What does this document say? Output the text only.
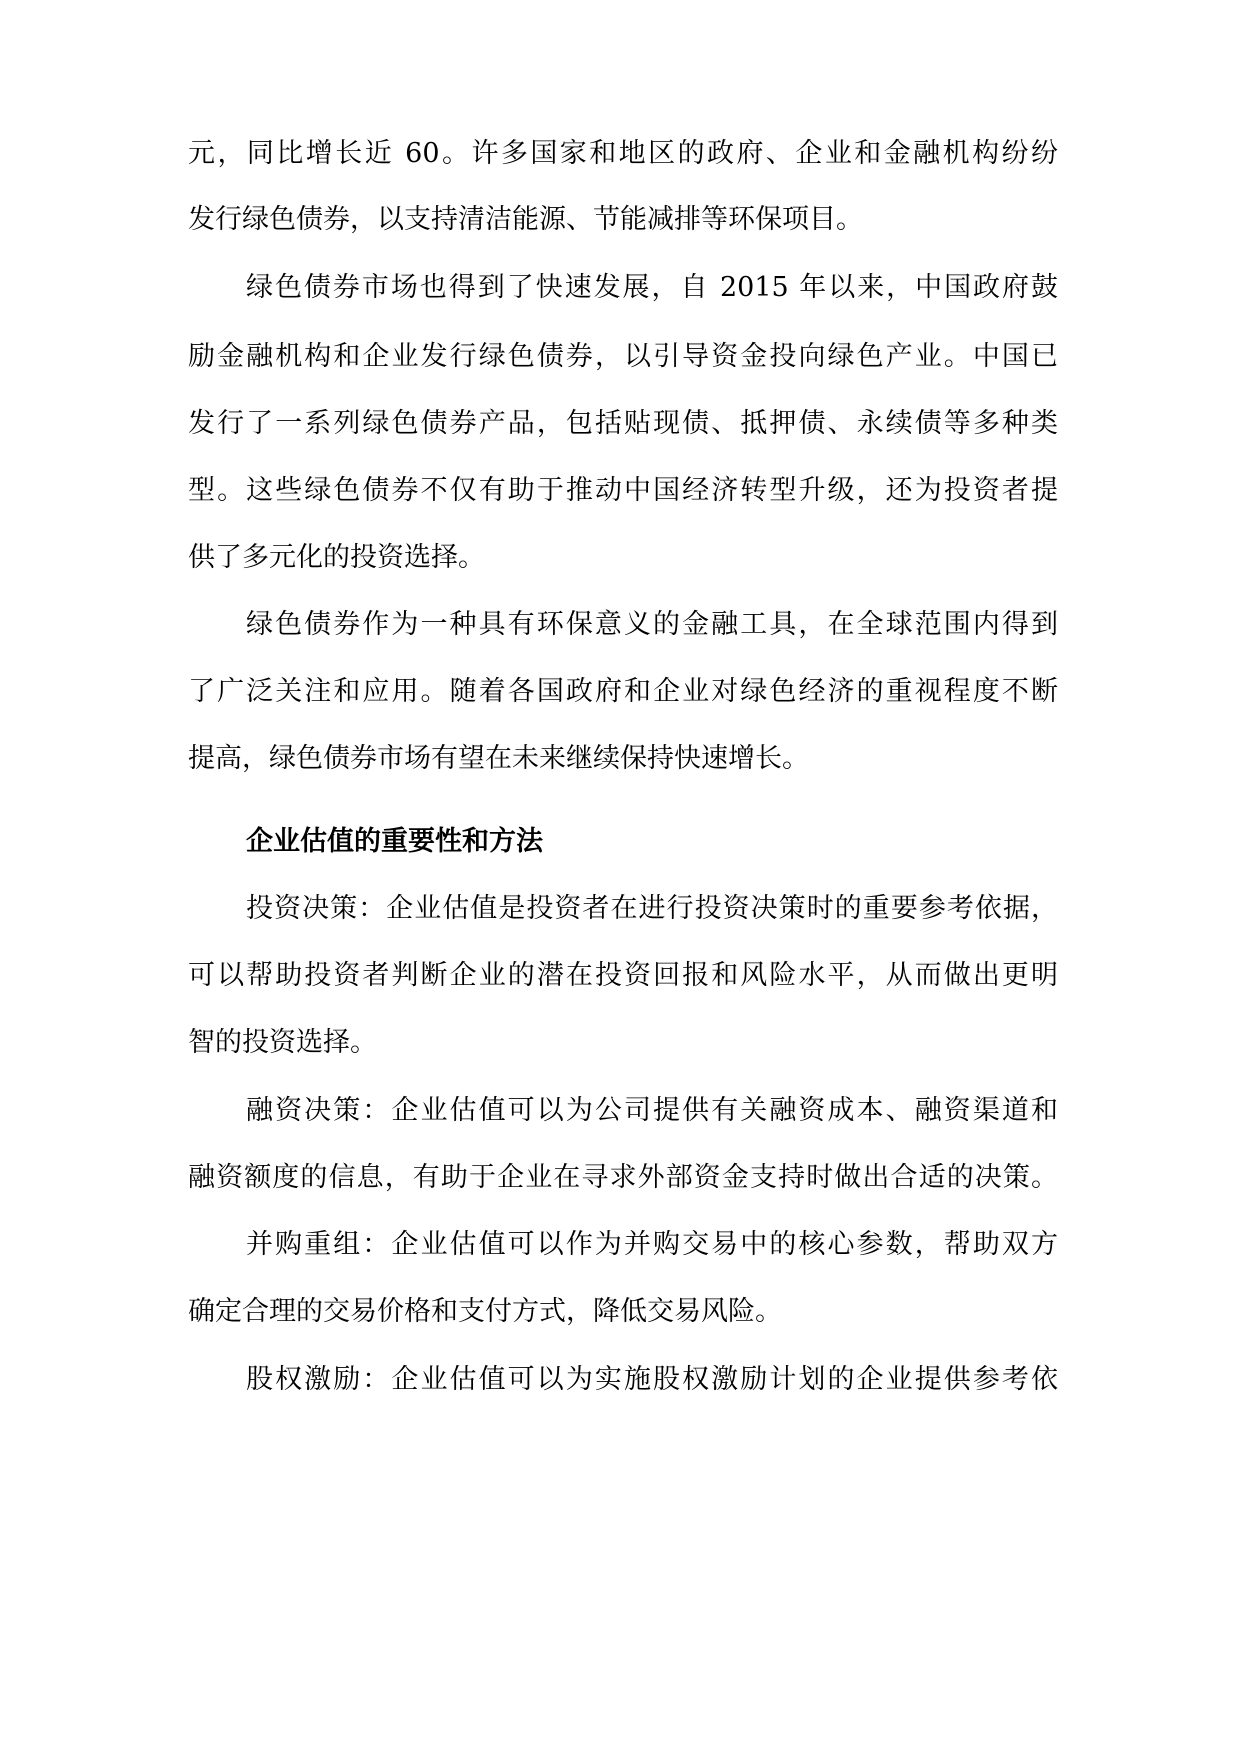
元，同比增长近 60。许多国家和地区的政府、企业和金融机构纷纷
发行绿色债券，以支持清洁能源、节能减排等环保项目。
绿色债券市场也得到了快速发展，自 2015 年以来，中国政府鼓
励金融机构和企业发行绿色债券，以引导资金投向绿色产业。中国已
发行了一系列绿色债券产品，包括贴现债、抵押债、永续债等多种类
型。这些绿色债券不仅有助于推动中国经济转型升级，还为投资者提
供了多元化的投资选择。
绿色债券作为一种具有环保意义的金融工具，在全球范围内得到
了广泛关注和应用。随着各国政府和企业对绿色经济的重视程度不断
提高，绿色债券市场有望在未来继续保持快速增长。
企业估值的重要性和方法
投资决策：企业估值是投资者在进行投资决策时的重要参考依据，
可以帮助投资者判断企业的潜在投资回报和风险水平，从而做出更明
智的投资选择。
融资决策：企业估值可以为公司提供有关融资成本、融资渠道和
融资额度的信息，有助于企业在寻求外部资金支持时做出合适的决策。
并购重组：企业估值可以作为并购交易中的核心参数，帮助双方
确定合理的交易价格和支付方式，降低交易风险。
股权激励：企业估值可以为实施股权激励计划的企业提供参考依
